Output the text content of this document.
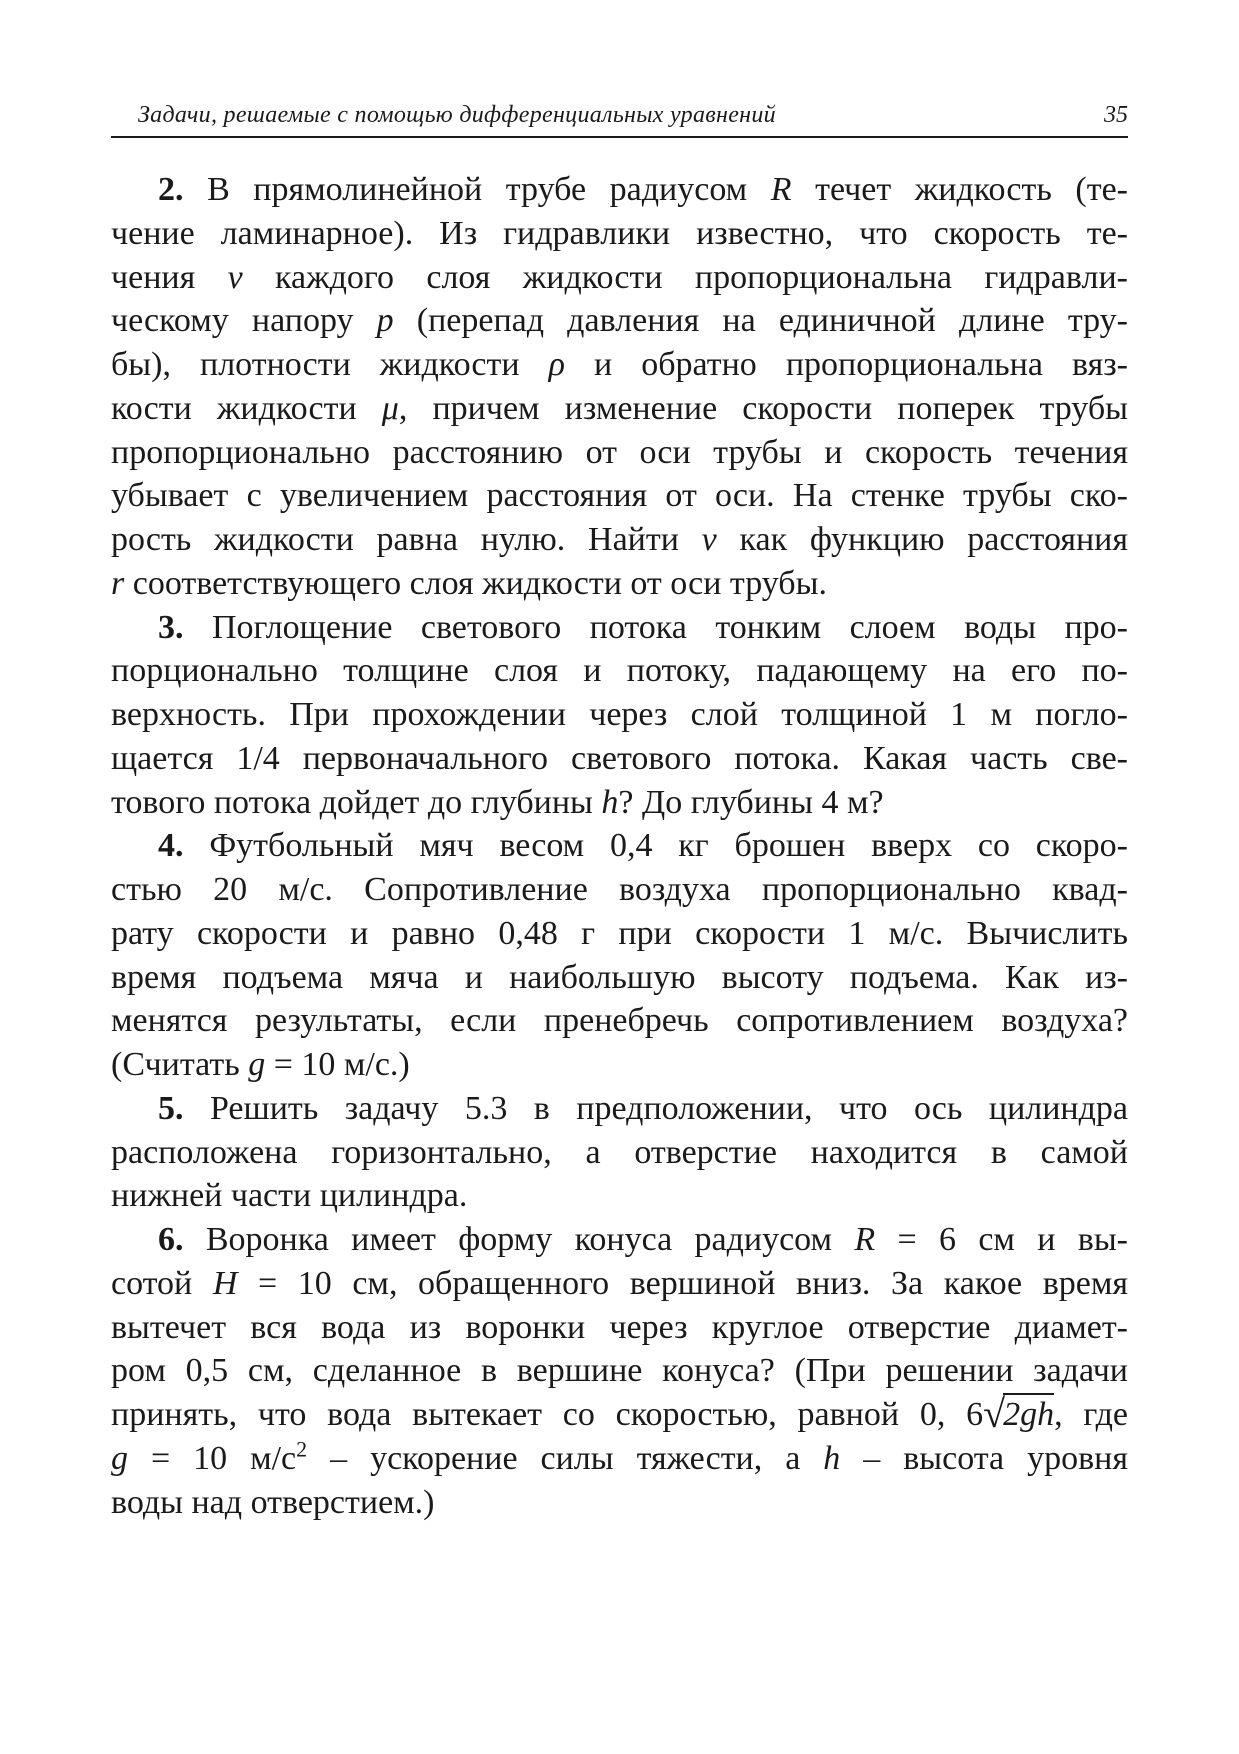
Задачи, решаемые с помощью дифференциальных уравнений	35
2. В прямолинейной трубе радиусом R течет жидкость (те-
чение ламинарное). Из гидравлики известно, что скорость те-
чения v каждого слоя жидкости пропорциональна гидравли-
ческому напору p (перепад давления на единичной длине тру-
бы), плотности жидкости ρ и обратно пропорциональна вяз-
кости жидкости μ, причем изменение скорости поперек трубы
пропорционально расстоянию от оси трубы и скорость течения
убывает с увеличением расстояния от оси. На стенке трубы ско-
рость жидкости равна нулю. Найти v как функцию расстояния
r соответствующего слоя жидкости от оси трубы.
3. Поглощение светового потока тонким слоем воды про-
порционально толщине слоя и потоку, падающему на его по-
верхность. При прохождении через слой толщиной 1 м погло-
щается 1/4 первоначального светового потока. Какая часть све-
тового потока дойдет до глубины h? До глубины 4 м?
4. Футбольный мяч весом 0,4 кг брошен вверх со скоро-
стью 20 м/с. Сопротивление воздуха пропорционально квад-
рату скорости и равно 0,48 г при скорости 1 м/с. Вычислить
время подъема мяча и наибольшую высоту подъема. Как из-
менятся результаты, если пренебречь сопротивлением воздуха?
(Считать g = 10 м/с.)
5. Решить задачу 5.3 в предположении, что ось цилиндра
расположена горизонтально, а отверстие находится в самой
нижней части цилиндра.
6. Воронка имеет форму конуса радиусом R = 6 см и вы-
сотой H = 10 см, обращенного вершиной вниз. За какое время
вытечет вся вода из воронки через круглое отверстие диамет-
ром 0,5 см, сделанное в вершине конуса? (При решении задачи
принять, что вода вытекает со скоростью, равной 0, 6√2gh, где
g = 10 $м/с^2$ – ускорение силы тяжести, а h – высота уровня
воды над отверстием.)
